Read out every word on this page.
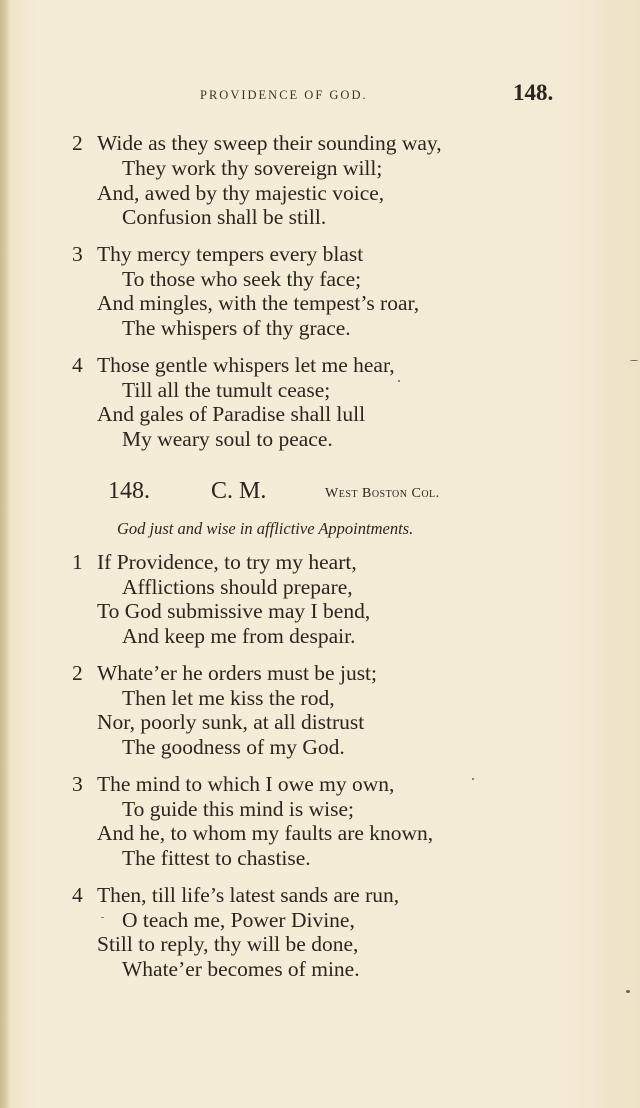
PROVIDENCE OF GOD.	148.
2 Wide as they sweep their sounding way,
They work thy sovereign will;
And, awed by thy majestic voice,
Confusion shall be still.
3 Thy mercy tempers every blast
To those who seek thy face;
And mingles, with the tempest’s roar,
The whispers of thy grace.
4 Those gentle whispers let me hear,
Till all the tumult cease;
And gales of Paradise shall lull
My weary soul to peace.
148.	C. M.	West Boston Col.
God just and wise in afflictive Appointments.
1 If Providence, to try my heart,
Afflictions should prepare,
To God submissive may I bend,
And keep me from despair.
2 Whate’er he orders must be just;
Then let me kiss the rod,
Nor, poorly sunk, at all distrust
The goodness of my God.
3 The mind to which I owe my own,
To guide this mind is wise;
And he, to whom my faults are known,
The fittest to chastise.
4 Then, till life’s latest sands are run,
O teach me, Power Divine,
Still to reply, thy will be done,
Whate’er becomes of mine.
